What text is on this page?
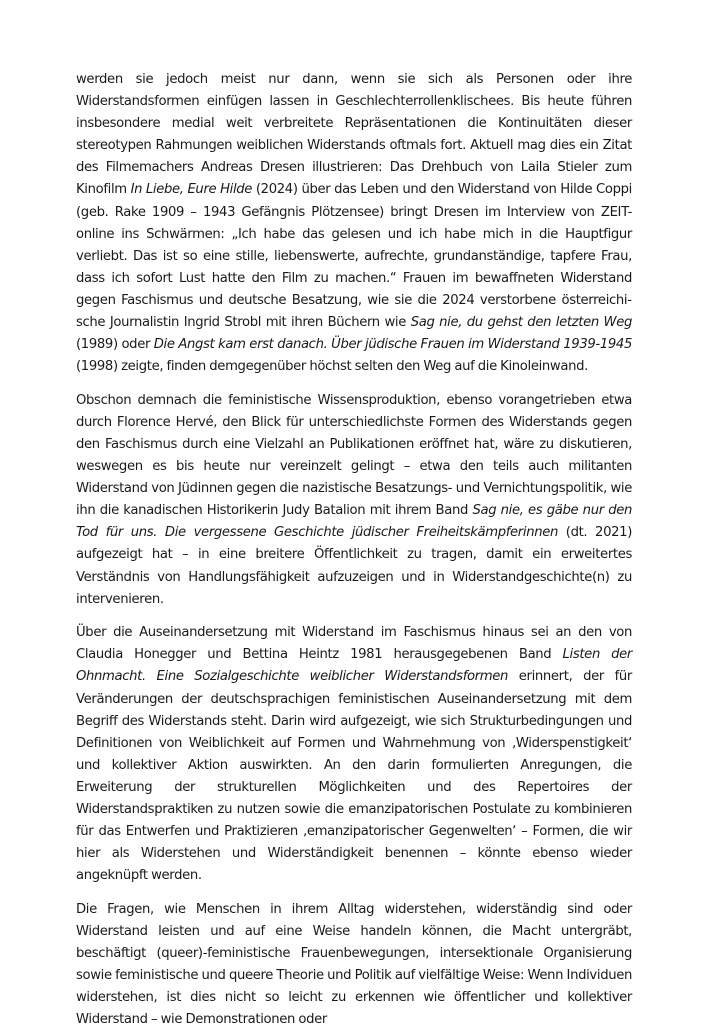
werden sie jedoch meist nur dann, wenn sie sich als Personen oder ihre Widerstandsformen einfügen lassen in Geschlechterrollenklischees. Bis heute führen insbesondere medial weit verbreitete Repräsentationen die Kontinuitäten dieser stereotypen Rahmungen weiblichen Widerstands oftmals fort. Aktuell mag dies ein Zitat des Filmemachers Andreas Dresen illustrieren: Das Drehbuch von Laila Stieler zum Kinofilm In Liebe, Eure Hilde (2024) über das Leben und den Widerstand von Hilde Coppi (geb. Rake 1909 – 1943 Gefängnis Plötzensee) bringt Dresen im Interview von ZEIT-online ins Schwärmen: „Ich habe das gelesen und ich habe mich in die Hauptfigur verliebt. Das ist so eine stille, liebenswerte, aufrechte, grundanständige, tapfere Frau, dass ich sofort Lust hatte den Film zu machen.“ Frauen im bewaffneten Widerstand gegen Faschismus und deutsche Besatzung, wie sie die 2024 verstorbene österreichische Journalistin Ingrid Strobl mit ihren Büchern wie Sag nie, du gehst den letzten Weg (1989) oder Die Angst kam erst danach. Über jüdische Frauen im Widerstand 1939-1945 (1998) zeigte, finden demgegenüber höchst selten den Weg auf die Kinoleinwand.

Obschon demnach die feministische Wissensproduktion, ebenso vorangetrieben etwa durch Florence Hervé, den Blick für unterschiedlichste Formen des Widerstands gegen den Faschismus durch eine Vielzahl an Publikationen eröffnet hat, wäre zu diskutieren, weswegen es bis heute nur vereinzelt gelingt – etwa den teils auch militanten Widerstand von Jüdinnen gegen die nazistische Besatzungs- und Vernichtungspolitik, wie ihn die kanadischen Historikerin Judy Batalion mit ihrem Band Sag nie, es gäbe nur den Tod für uns. Die vergessene Geschichte jüdischer Freiheitskämpferinnen (dt. 2021) aufgezeigt hat – in eine breitere Öffentlichkeit zu tragen, damit ein erweitertes Verständnis von Handlungsfähigkeit aufzuzeigen und in Widerstandgeschichte(n) zu intervenieren.

Über die Auseinandersetzung mit Widerstand im Faschismus hinaus sei an den von Claudia Honegger und Bettina Heintz 1981 herausgegebenen Band Listen der Ohnmacht. Eine Sozialgeschichte weiblicher Widerstandsformen erinnert, der für Veränderungen der deutschsprachigen feministischen Auseinandersetzung mit dem Begriff des Widerstands steht. Darin wird aufgezeigt, wie sich Strukturbedingungen und Definitionen von Weiblichkeit auf Formen und Wahrnehmung von ‚Widerspenstigkeit‘ und kollektiver Aktion auswirkten. An den darin formulierten Anregungen, die Erweiterung der strukturellen Möglichkeiten und des Repertoires der Widerstandspraktiken zu nutzen sowie die emanzipatorischen Postulate zu kombinieren für das Entwerfen und Praktizieren ‚emanzipatorischer Gegenwelten‘ – Formen, die wir hier als Widerstehen und Widerständigkeit benennen – könnte ebenso wieder angeknüpft werden.

Die Fragen, wie Menschen in ihrem Alltag widerstehen, widerständig sind oder Widerstand leisten und auf eine Weise handeln können, die Macht untergräbt, beschäftigt (queer)-feministische Frauenbewegungen, intersektionale Organisierung sowie feministische und queere Theorie und Politik auf vielfältige Weise: Wenn Individuen widerstehen, ist dies nicht so leicht zu erkennen wie öffentlicher und kollektiver Widerstand – wie Demonstrationen oder
